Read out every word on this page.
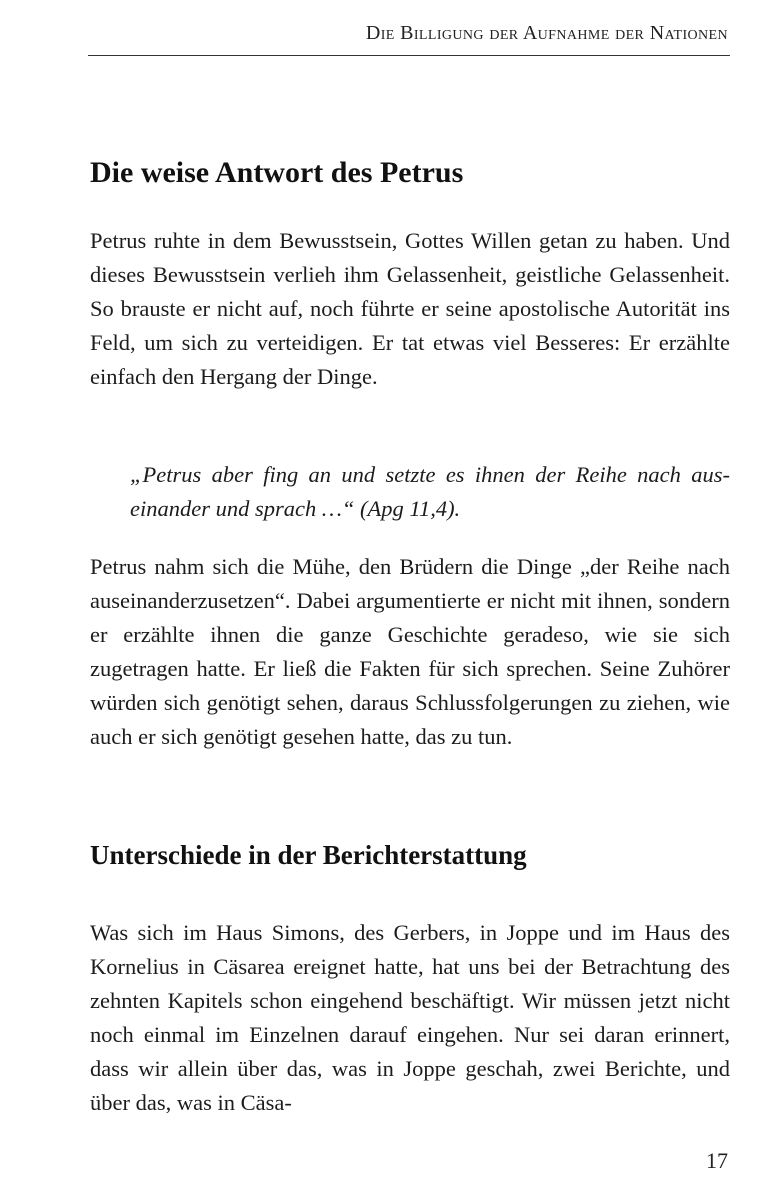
Die Billigung der Aufnahme der Nationen
Die weise Antwort des Petrus

Petrus ruhte in dem Bewusstsein, Gottes Willen getan zu haben. Und dieses Bewusstsein verlieh ihm Gelassenheit, geistliche Gelassenheit. So brauste er nicht auf, noch führte er seine apostolische Autorität ins Feld, um sich zu verteidigen. Er tat etwas viel Besseres: Er erzählte einfach den Hergang der Dinge.

„Petrus aber fing an und setzte es ihnen der Reihe nach auseinander und sprach …“ (Apg 11,4).

Petrus nahm sich die Mühe, den Brüdern die Dinge „der Reihe nach auseinanderzusetzen“. Dabei argumentierte er nicht mit ihnen, sondern er erzählte ihnen die ganze Geschichte geradeso, wie sie sich zugetragen hatte. Er ließ die Fakten für sich sprechen. Seine Zuhörer würden sich genötigt sehen, daraus Schlussfolgerungen zu ziehen, wie auch er sich genötigt gesehen hatte, das zu tun.

Unterschiede in der Berichterstattung

Was sich im Haus Simons, des Gerbers, in Joppe und im Haus des Kornelius in Cäsarea ereignet hatte, hat uns bei der Betrachtung des zehnten Kapitels schon eingehend beschäftigt. Wir müssen jetzt nicht noch einmal im Einzelnen darauf eingehen. Nur sei daran erinnert, dass wir allein über das, was in Joppe geschah, zwei Berichte, und über das, was in Cäsa-

17
